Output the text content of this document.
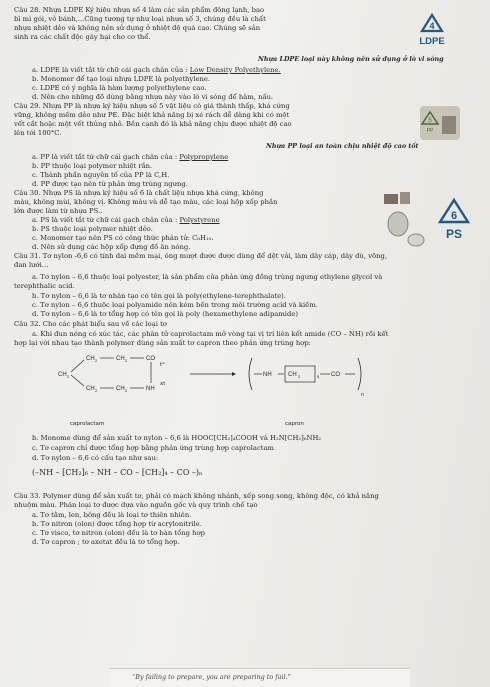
Câu 28. Nhựa LDPE Ký hiệu nhựa số 4 làm các sản phẩm đông lạnh, bao
bì mì gói, vỏ bánh,...Cũng tương tự như loại nhựa số 3, chúng đều là chất
nhựa nhiệt dẻo và không nên sử dụng ở nhiệt độ quá cao. Chúng sẽ sản
sinh ra các chất độc gây hại cho cơ thể.
4
LDPE
Nhựa LDPE loại này không nên sử dụng ở lò vi sóng
a. LDPE là viết tắt từ chữ cái gạch chân của : Low Density Polyethylene.
b. Monomer để tạo loại nhựa LDPE là polyethylene.
c. LDPE có ý nghĩa là hàm lượng polyethylene cao.
d. Nên cho những đồ dùng bằng nhựa này vào lò vi sóng để hâm, nấu.
Câu 29. Nhựa PP là nhựa ký hiệu nhựa số 5 vật liệu có giá thành thấp, khá cứng
vững, không mềm dẻo như PE. Đặc biệt khả năng bị xé rách dễ dàng khi có một
vết cắt hoặc một vết thủng nhỏ. Bền cạnh đó là khả năng chịu được nhiệt độ cao
lên tới 100°C.
5
PP
Nhựa PP loại an toàn chịu nhiệt độ cao tốt
a. PP là viết tắt từ chữ cái gạch chân của : Polypropylene
b. PP thuộc loại polymer nhiệt rắn.
c. Thành phần nguyên tố của PP là C,H.
d. PP được tạo nên từ phản ứng trùng ngưng.
Câu 30. Nhựa PS là nhựa ký hiệu số 6 là chất liệu nhựa khá cứng, không
màu, không mùi, không vị. Không màu và dễ tạo màu, các loại hộp xốp phần
lớn được làm từ nhựa PS..
a. PS là viết tắt từ chữ cái gạch chân của : Polystyrene
b. PS thuộc loại polymer nhiệt dẻo.
c. Monomer tạo nên PS có công thức phân tử: C₈H₁₀.
d. Nên sử dụng các hộp xốp đựng đồ ăn nóng.
6
PS
Câu 31. Tơ nylon -6,6 có tính dai mềm mại, óng mượt được được dùng để dệt vải, làm dây cáp, dây dù, võng,
đan lưới…
a. Tơ nylon – 6,6 thuộc loại polyester, là sản phẩm của phản ứng đồng trùng ngưng ethylene glycol và
terephthalic acid.
b. Tơ nylon – 6,6 là tơ nhân tạo có tên gọi là poly(ethylene-terephthalate).
c. Tơ nylon – 6,6 thuộc loại polyamide nên kém bền trong môi trường acid và kiềm.
d. Tơ nylon – 6,6 là tơ tổng hợp có tên gọi là poly (hexamethylene adipamide)
Câu 32. Cho các phát biểu sau về các loại tơ
a. Khi đun nóng có xúc tác, các phân tử caprolactam mở vòng tại vị trí liên kết amide (CO – NH) rồi kết
hợp lại với nhau tạo thành polymer dùng sản xuất tơ capron theo phản ứng trùng hợp:
CH 2
CH 2	CH 2	CO
CH 2	CH 2	NH
n
NH	CH 2	5 CO
t°
xt
caprolactam	capron
b. Monome dùng để sản xuất tơ nylon – 6,6 là HOOC[CH₂]₄COOH và H₂N[CH₂]₆NH₂
c. Tơ capron chỉ được tổng hợp bằng phản ứng trùng hợp caprolactam
d. Tơ nylon – 6,6 có cấu tạo như sau:
(–NH – [CH₂]₆ – NH – CO – [CH₂]₄ – CO –)ₙ
Câu 33. Polymer dùng để sản xuất tơ, phải có mạch không nhánh, xếp song song, không độc, có khả năng
nhuộm màu. Phân loại tơ được dựa vào nguồn gốc và quy trình chế tạo
a. Tơ tằm, len, bông đều là loại tơ thiên nhiên.
b. Tơ nitron (olon) được tổng hợp từ acrylonitrile.
c. Tơ visco, tơ nitron (olon) đều là tơ bán tổng hợp
d. Tơ capron ; tơ axetat đều là tơ tổng hợp.
“By failing to prepare, you are preparing to fail.”
